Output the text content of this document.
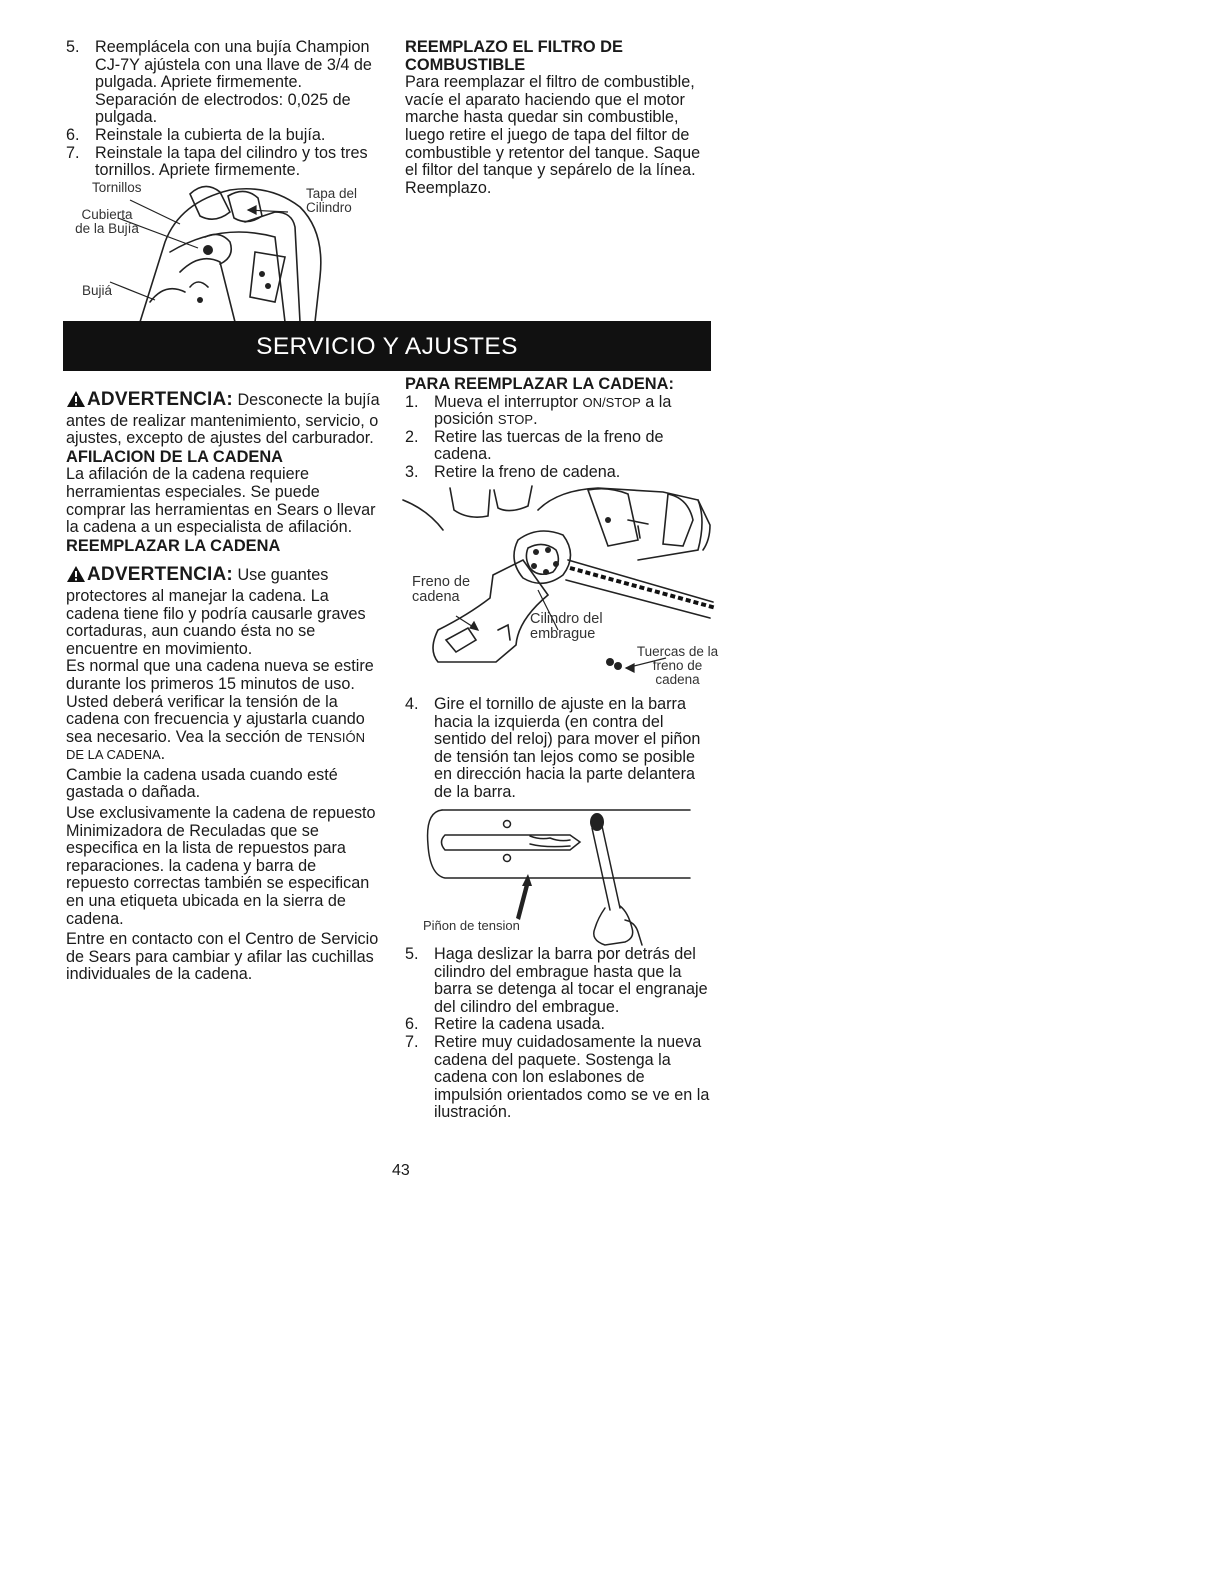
5. Reemplácela con una bujía Champion CJ-7Y ajústela con una llave de 3/4 de pulgada. Apriete firmemente. Separación de electrodos: 0,025 de pulgada.
6. Reinstale la cubierta de la bujía.
7. Reinstale la tapa del cilindro y tos tres tornillos. Apriete firmemente.
Tornillos	Tapa del Cilindro
Cubierta de la Bujía
Bujiá

REEMPLAZO EL FILTRO DE COMBUSTIBLE

Para reemplazar el filtro de combustible, vacíe el aparato haciendo que el motor marche hasta quedar sin combustible, luego retire el juego de tapa del filtor de combustible y retentor del tanque. Saque el filtor del tanque y sepárelo de la línea. Reemplazo.

SERVICIO Y AJUSTES

ADVERTENCIA: Desconecte la bujía antes de realizar mantenimiento, servicio, o ajustes, excepto de ajustes del carburador.

AFILACION DE LA CADENA

La afilación de la cadena requiere herramientas especiales. Se puede comprar las herramientas en Sears o llevar la cadena a un especialista de afilación.

REEMPLAZAR LA CADENA

ADVERTENCIA: Use guantes protectores al manejar la cadena. La cadena tiene filo y podría causarle graves cortaduras, aun cuando ésta no se encuentre en movimiento.

Es normal que una cadena nueva se estire durante los primeros 15 minutos de uso. Usted deberá verificar la tensión de la cadena con frecuencia y ajustarla cuando sea necesario. Vea la sección de TENSIÓN DE LA CADENA.

Cambie la cadena usada cuando esté gastada o dañada.

Use exclusivamente la cadena de repuesto Minimizadora de Reculadas que se especifica en la lista de repuestos para reparaciones. la cadena y barra de repuesto correctas también se especifican en una etiqueta ubicada en la sierra de cadena.

Entre en contacto con el Centro de Servicio de Sears para cambiar y afilar las cuchillas individuales de la cadena.

PARA REEMPLAZAR LA CADENA:

1. Mueva el interruptor ON/STOP a la posición STOP.
2. Retire las tuercas de la freno de cadena.
3. Retire la freno de cadena.
Freno de cadena
Cilindro del embrague
Tuercas de la freno de cadena
4. Gire el tornillo de ajuste en la barra hacia la izquierda (en contra del sentido del reloj) para mover el piñon de tensión tan lejos como se posible en dirección hacia la parte delantera de la barra.
Piñon de tension
5. Haga deslizar la barra por detrás del cilindro del embrague hasta que la barra se detenga al tocar el engranaje del cilindro del embrague.
6. Retire la cadena usada.
7. Retire muy cuidadosamente la nueva cadena del paquete. Sostenga la cadena con lon eslabones de impulsión orientados como se ve en la ilustración.
43
